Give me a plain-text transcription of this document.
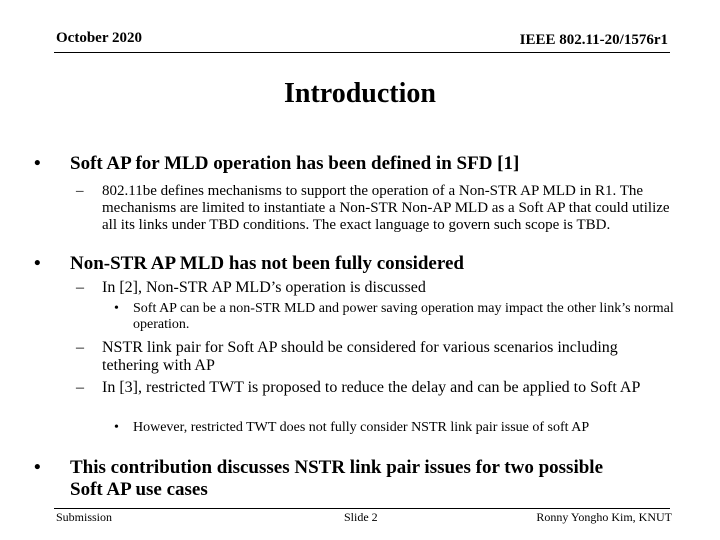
October 2020	IEEE 802.11-20/1576r1
Introduction
• Soft AP for MLD operation has been defined in SFD [1]
– 802.11be defines mechanisms to support the operation of a Non-STR AP MLD in R1. The mechanisms are limited to instantiate a Non-STR Non-AP MLD as a Soft AP that could utilize all its links under TBD conditions. The exact language to govern such scope is TBD.
• Non-STR AP MLD has not been fully considered
– In [2], Non-STR AP MLD’s operation is discussed
• Soft AP can be a non-STR MLD and power saving operation may impact the other link’s normal operation.
– NSTR link pair for Soft AP should be considered for various scenarios including tethering with AP
– In [3], restricted TWT is proposed to reduce the delay and can be applied to Soft AP
• However, restricted TWT does not fully consider NSTR link pair issue of soft AP
• This contribution discusses NSTR link pair issues for two possible Soft AP use cases
Submission	Slide 2	Ronny Yongho Kim, KNUT
